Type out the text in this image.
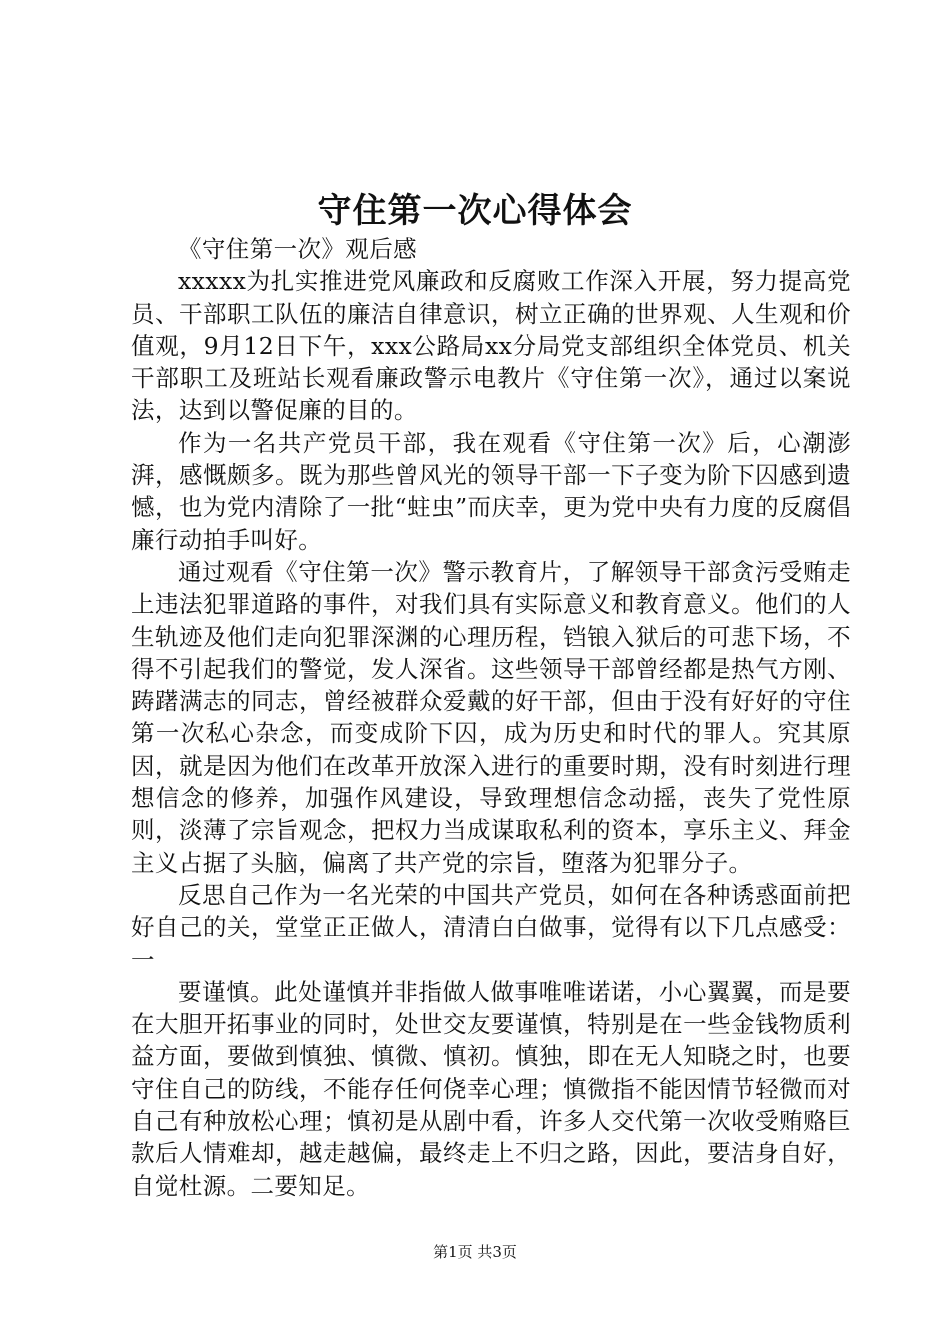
守住第一次心得体会

《守住第一次》观后感

xxxxx为扎实推进党风廉政和反腐败工作深入开展，努力提高党员、干部职工队伍的廉洁自律意识，树立正确的世界观、人生观和价值观，9月12日下午，xxx公路局xx分局党支部组织全体党员、机关干部职工及班站长观看廉政警示电教片《守住第一次》，通过以案说法，达到以警促廉的目的。

作为一名共产党员干部，我在观看《守住第一次》后，心潮澎湃，感慨颇多。既为那些曾风光的领导干部一下子变为阶下囚感到遗憾，也为党内清除了一批“蛀虫”而庆幸，更为党中央有力度的反腐倡廉行动拍手叫好。

通过观看《守住第一次》警示教育片，了解领导干部贪污受贿走上违法犯罪道路的事件，对我们具有实际意义和教育意义。他们的人生轨迹及他们走向犯罪深渊的心理历程，铛锒入狱后的可悲下场，不得不引起我们的警觉，发人深省。这些领导干部曾经都是热气方刚、踌躇满志的同志，曾经被群众爱戴的好干部，但由于没有好好的守住第一次私心杂念，而变成阶下囚，成为历史和时代的罪人。究其原因，就是因为他们在改革开放深入进行的重要时期，没有时刻进行理想信念的修养，加强作风建设，导致理想信念动摇，丧失了党性原则，淡薄了宗旨观念，把权力当成谋取私利的资本，享乐主义、拜金主义占据了头脑，偏离了共产党的宗旨，堕落为犯罪分子。

反思自己作为一名光荣的中国共产党员，如何在各种诱惑面前把好自己的关，堂堂正正做人，清清白白做事，觉得有以下几点感受：一

要谨慎。此处谨慎并非指做人做事唯唯诺诺，小心翼翼，而是要在大胆开拓事业的同时，处世交友要谨慎，特别是在一些金钱物质利益方面，要做到慎独、慎微、慎初。慎独，即在无人知晓之时，也要守住自己的防线，不能存任何侥幸心理；慎微指不能因情节轻微而对自己有种放松心理；慎初是从剧中看，许多人交代第一次收受贿赂巨款后人情难却，越走越偏，最终走上不归之路，因此，要洁身自好，自觉杜源。二要知足。

第1页 共3页
